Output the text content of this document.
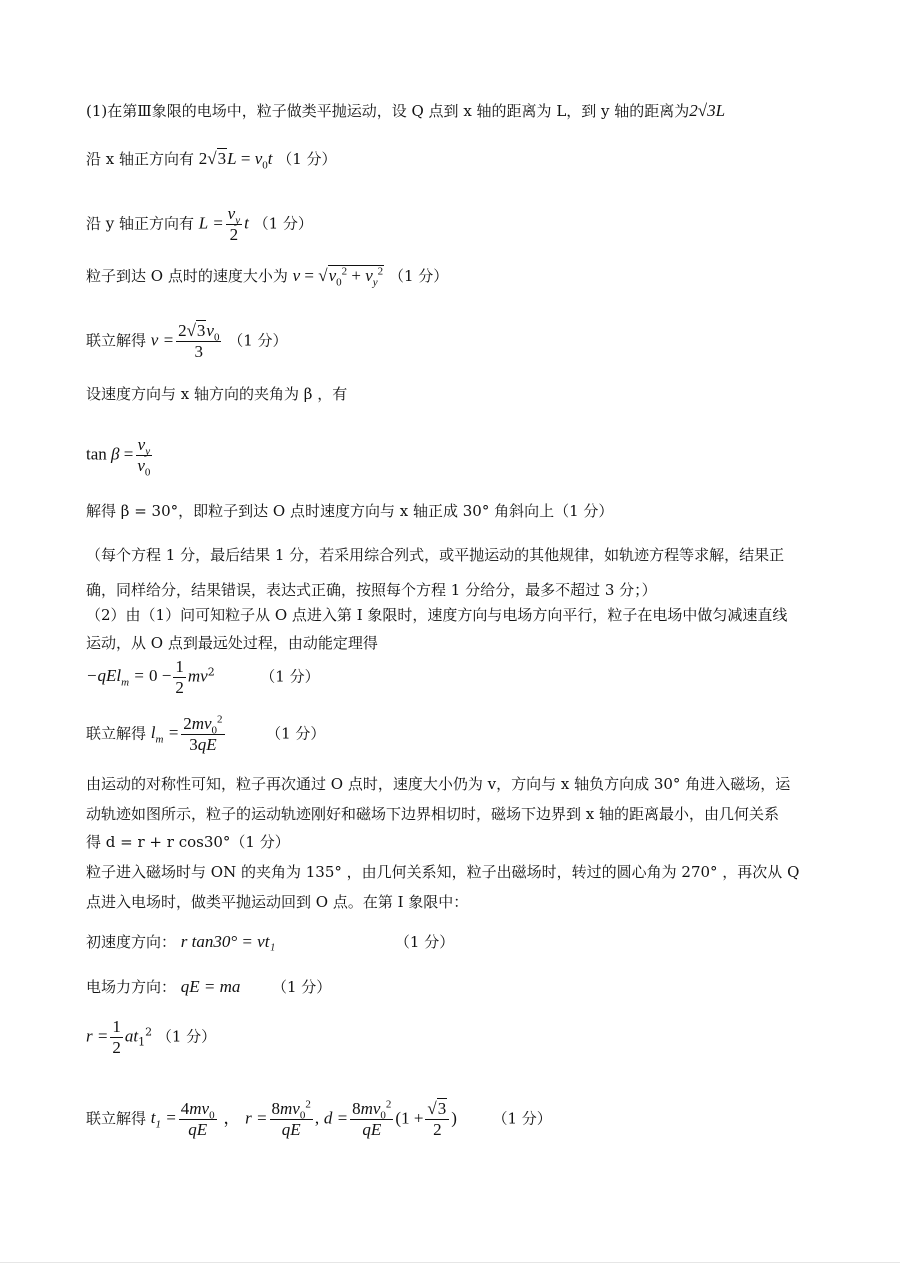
(1)在第Ⅲ象限的电场中，粒子做类平抛运动，设 Q 点到 x 轴的距离为 L，到 y 轴的距离为2√3L
沿 x 轴正方向有 $2√3L = v_0t$ （1 分）
沿 y 轴正方向有 $L = \frac{v_y}{2}$ t （1 分）
粒子到达 O 点时的速度大小为 $v = √v_0^2 + v_y^2$ （1 分）
联立解得 $v = \frac{2√3v_0}{3} (1$ 分）
设速度方向与 x 轴方向的夹角为 β ，有
$\tan \beta = \frac{v_y}{v_0}$
解得 β = 30°，即粒子到达 O 点时速度方向与 x 轴正成 30° 角斜向上（1 分）
（每个方程 1 分，最后结果 1 分，若采用综合列式，或平抛运动的其他规律，如轨迹方程等求解，结果正
确，同样给分，结果错误，表达式正确，按照每个方程 1 分给分，最多不超过 3 分；）
（2）由（1）问可知粒子从 O 点进入第 I 象限时，速度方向与电场方向平行，粒子在电场中做匀减速直线
运动，从 O 点到最远处过程，由动能定理得
$-qEl_m = 0 - \frac{1}{2} mv^2$	（1 分）
联立解得 $l_m = \frac{2mv_0^2}{3qE}$	（1 分）
由运动的对称性可知，粒子再次通过 O 点时，速度大小仍为 v，方向与 x 轴负方向成 30° 角进入磁场，运
动轨迹如图所示，粒子的运动轨迹刚好和磁场下边界相切时，磁场下边界到 x 轴的距离最小，由几何关系
得 d = r + r cos30°（1 分）
粒子进入磁场时与 ON 的夹角为 135° ，由几何关系知，粒子出磁场时，转过的圆心角为 270° ，再次从 Q
点进入电场时，做类平抛运动回到 O 点。在第 I 象限中：
初速度方向： r tan30° = vt₁	（1 分）
电场力方向： qE = ma （1 分）
$r = \frac{1}{2} at_1^2$ （1 分）
联立解得 $t_1 = \frac{4mv_0}{qE}$ ， $r = \frac{8mv_0^2}{qE}$ , $d = \frac{8mv_0^2}{qE} (1 + \frac{√3}{2}$ ) （1 分）
